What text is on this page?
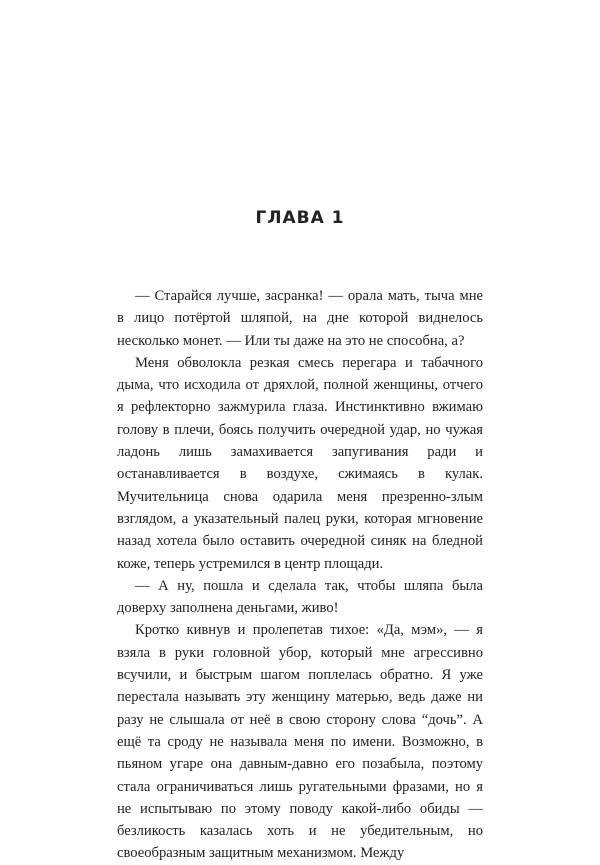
ГЛАВА 1

— Старайся лучше, засранка! — орала мать, тыча мне в лицо потёртой шляпой, на дне которой виднелось несколько монет. — Или ты даже на это не способна, а?

Меня обволокла резкая смесь перегара и табачного дыма, что исходила от дряхлой, полной женщины, отчего я рефлекторно зажмурила глаза. Инстинктивно вжимаю голову в плечи, боясь получить очередной удар, но чужая ладонь лишь замахивается запугивания ради и останавливается в воздухе, сжимаясь в кулак. Мучительница снова одарила меня презренно-злым взглядом, а указательный палец руки, которая мгновение назад хотела было оставить очередной синяк на бледной коже, теперь устремился в центр площади.

— А ну, пошла и сделала так, чтобы шляпа была доверху заполнена деньгами, живо!

Кротко кивнув и пролепетав тихое: «Да, мэм», — я взяла в руки головной убор, который мне агрессивно всучили, и быстрым шагом поплелась обратно. Я уже перестала называть эту женщину матерью, ведь даже ни разу не слышала от неё в свою сторону слова “дочь”. А ещё та сроду не называла меня по имени. Возможно, в пьяном угаре она давным-давно его позабыла, поэтому стала ограничиваться лишь ругательными фразами, но я не испытываю по этому поводу какой-либо обиды — безликость казалась хоть и не убедительным, но своеобразным защитным механизмом. Между
